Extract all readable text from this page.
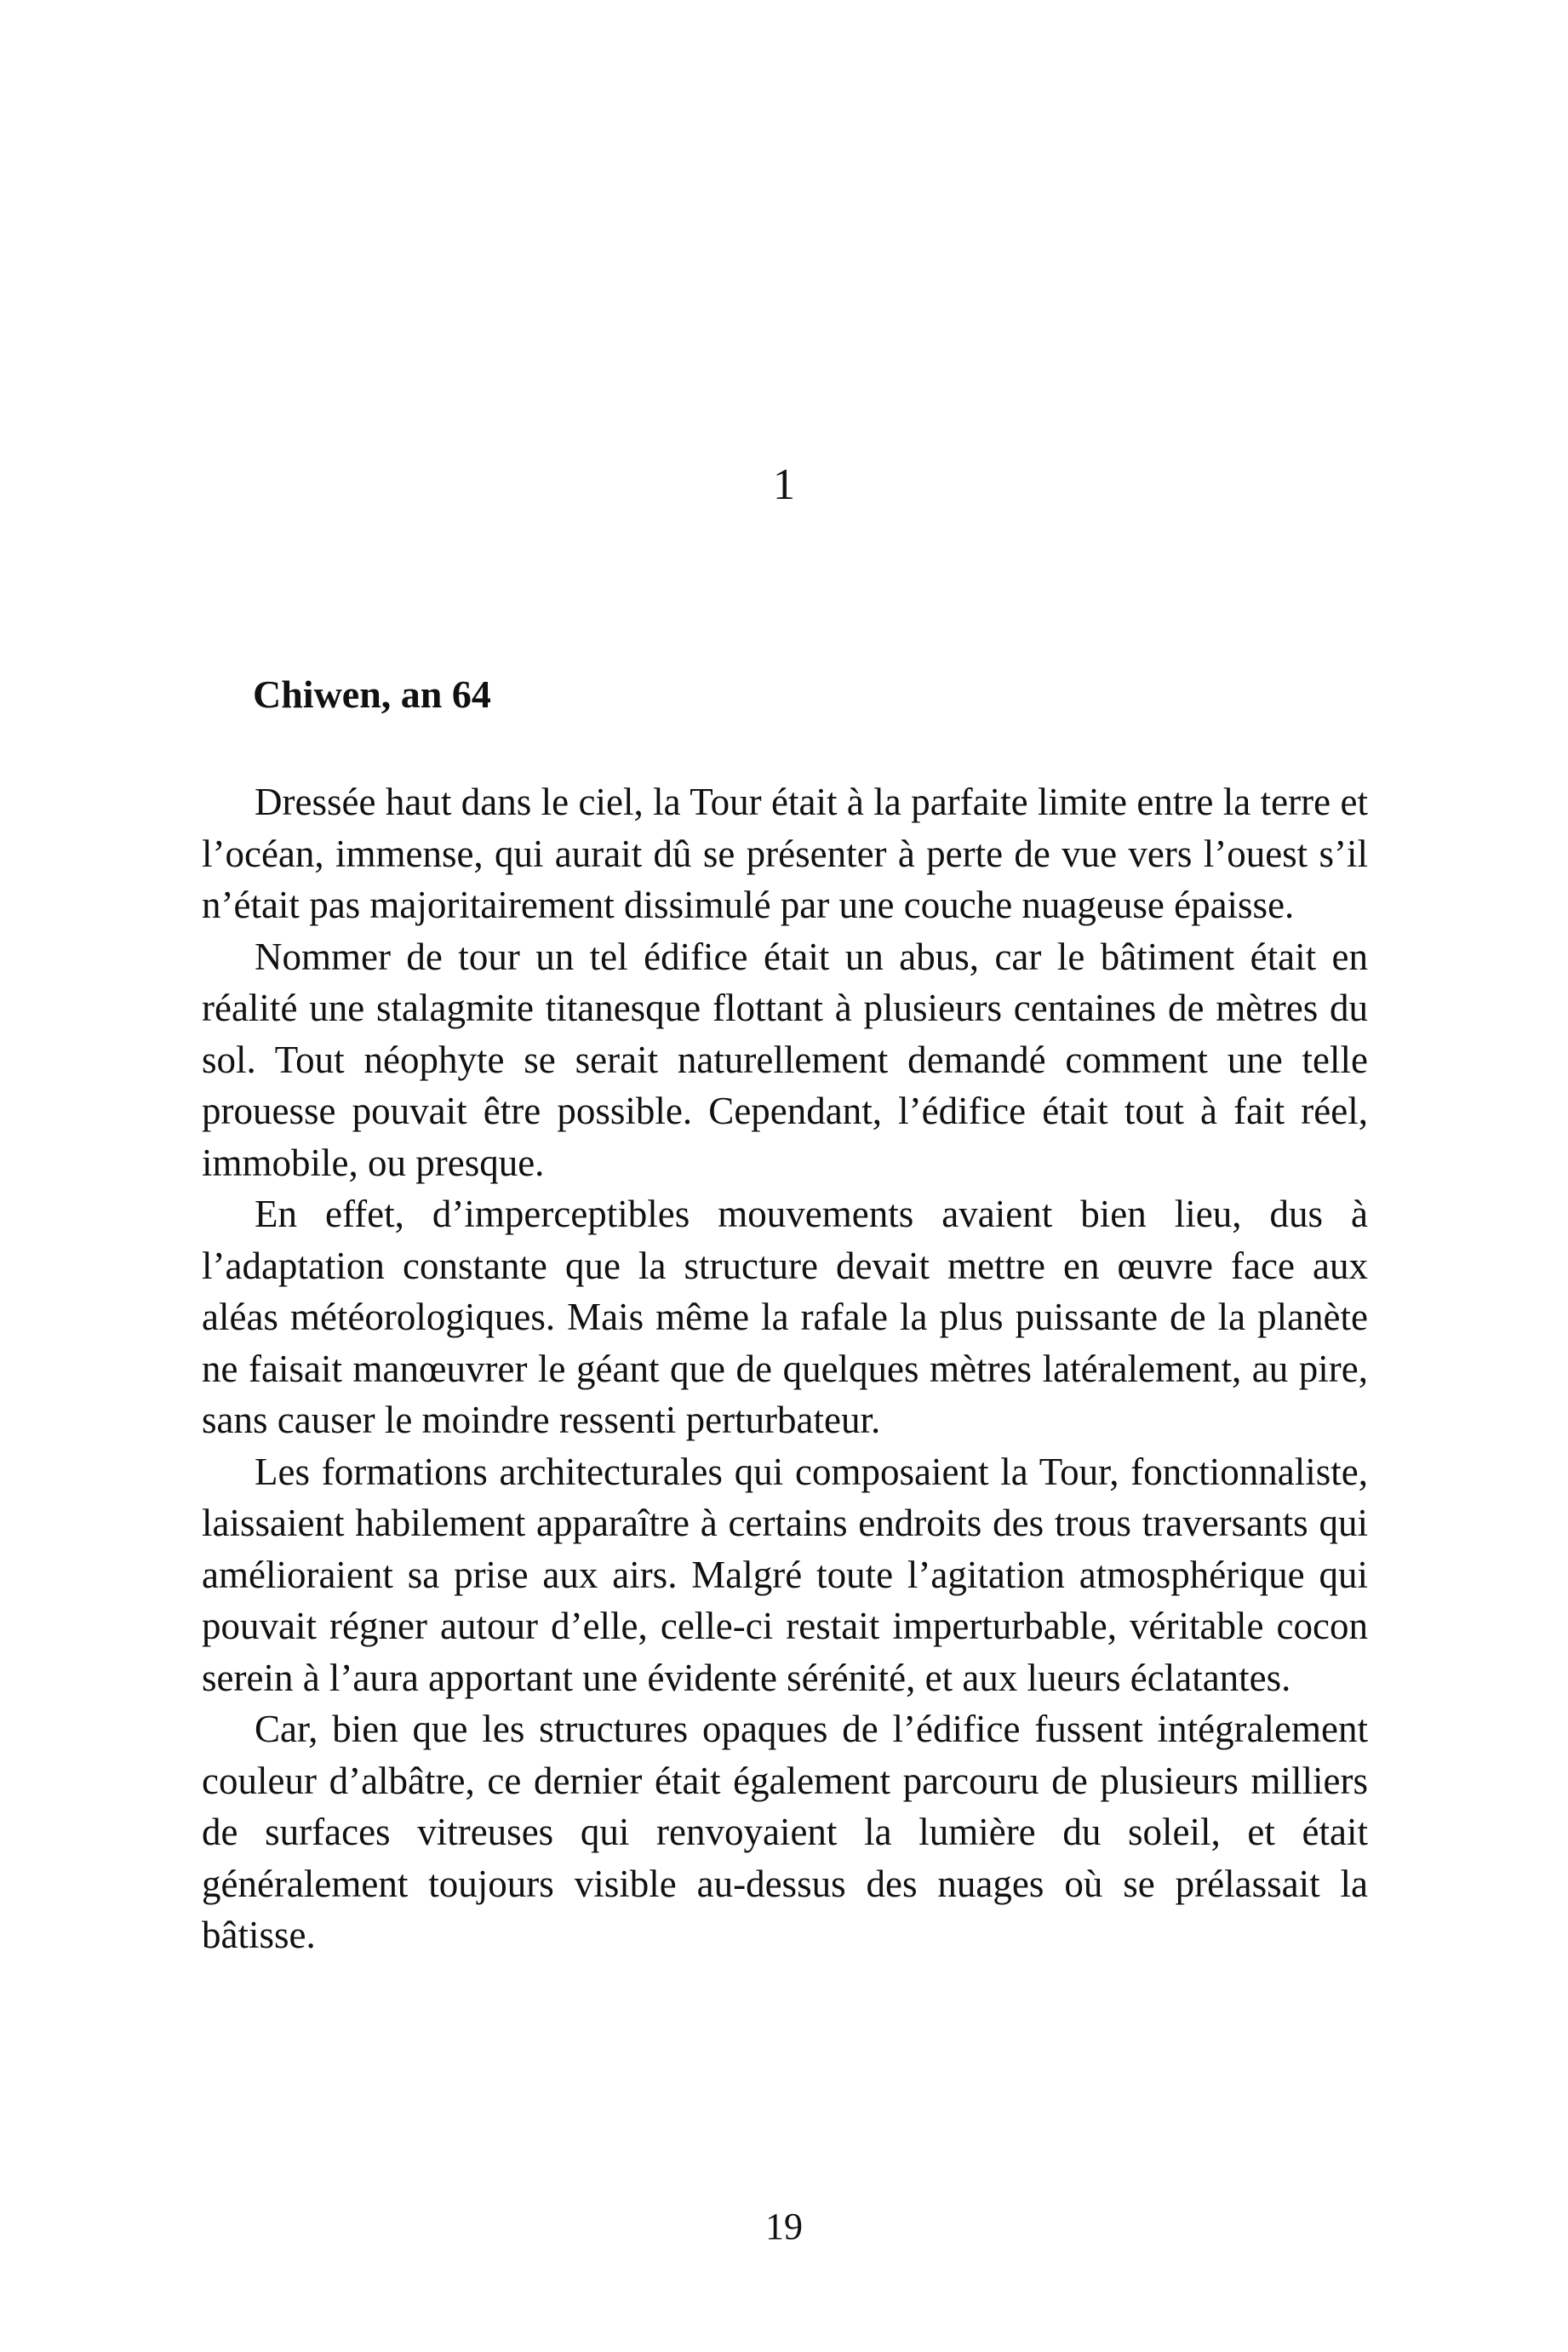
1
Chiwen, an 64

Dressée haut dans le ciel, la Tour était à la parfaite limite entre la terre et l’océan, immense, qui aurait dû se présenter à perte de vue vers l’ouest s’il n’était pas majoritairement dissimulé par une couche nuageuse épaisse.

Nommer de tour un tel édifice était un abus, car le bâtiment était en réalité une stalagmite titanesque flottant à plusieurs centaines de mètres du sol. Tout néophyte se serait naturellement demandé comment une telle prouesse pouvait être possible. Cependant, l’édifice était tout à fait réel, immobile, ou presque.

En effet, d’imperceptibles mouvements avaient bien lieu, dus à l’adaptation constante que la structure devait mettre en œuvre face aux aléas météorologiques. Mais même la rafale la plus puissante de la planète ne faisait manœuvrer le géant que de quelques mètres latéralement, au pire, sans causer le moindre ressenti perturbateur.

Les formations architecturales qui composaient la Tour, fonctionnaliste, laissaient habilement apparaître à certains endroits des trous traversants qui amélioraient sa prise aux airs. Malgré toute l’agitation atmosphérique qui pouvait régner autour d’elle, celle-ci restait imperturbable, véritable cocon serein à l’aura apportant une évidente sérénité, et aux lueurs éclatantes.

Car, bien que les structures opaques de l’édifice fussent intégralement couleur d’albâtre, ce dernier était également parcouru de plusieurs milliers de surfaces vitreuses qui renvoyaient la lumière du soleil, et était généralement toujours visible au-dessus des nuages où se prélassait la bâtisse.

19
